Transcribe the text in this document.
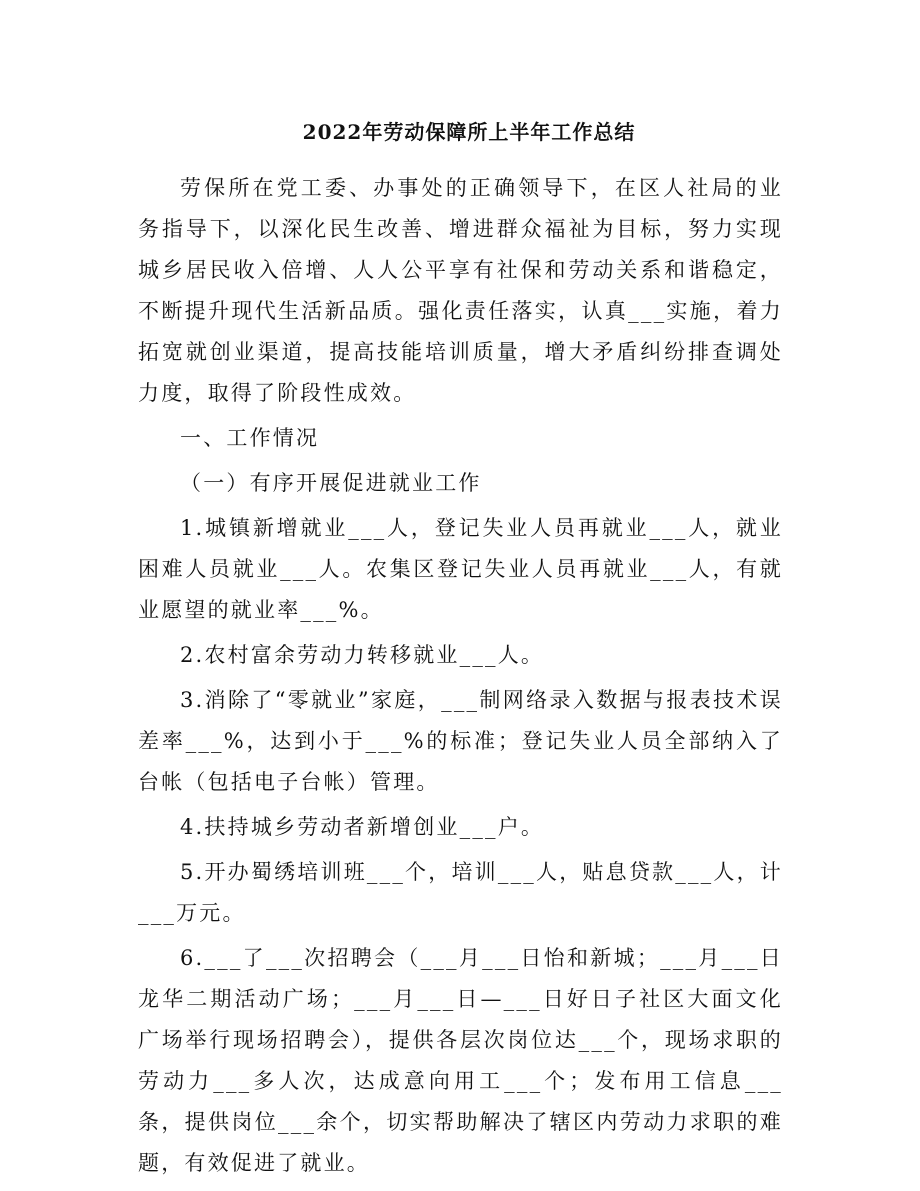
2022年劳动保障所上半年工作总结

劳保所在党工委、办事处的正确领导下，在区人社局的业务指导下，以深化民生改善、增进群众福祉为目标，努力实现城乡居民收入倍增、人人公平享有社保和劳动关系和谐稳定，不断提升现代生活新品质。强化责任落实，认真___实施，着力拓宽就创业渠道，提高技能培训质量，增大矛盾纠纷排查调处力度，取得了阶段性成效。

一、工作情况

（一）有序开展促进就业工作

1.城镇新增就业___人，登记失业人员再就业___人，就业困难人员就业___人。农集区登记失业人员再就业___人，有就业愿望的就业率___%。

2.农村富余劳动力转移就业___人。

3.消除了“零就业”家庭，___制网络录入数据与报表技术误差率___%，达到小于___%的标准；登记失业人员全部纳入了台帐（包括电子台帐）管理。

4.扶持城乡劳动者新增创业___户。

5.开办蜀绣培训班___个，培训___人，贴息贷款___人，计___万元。

6.___了___次招聘会（___月___日怡和新城；___月___日龙华二期活动广场；___月___日—___日好日子社区大面文化广场举行现场招聘会），提供各层次岗位达___个，现场求职的劳动力___多人次，达成意向用工___个；发布用工信息___条，提供岗位___余个，切实帮助解决了辖区内劳动力求职的难题，有效促进了就业。
